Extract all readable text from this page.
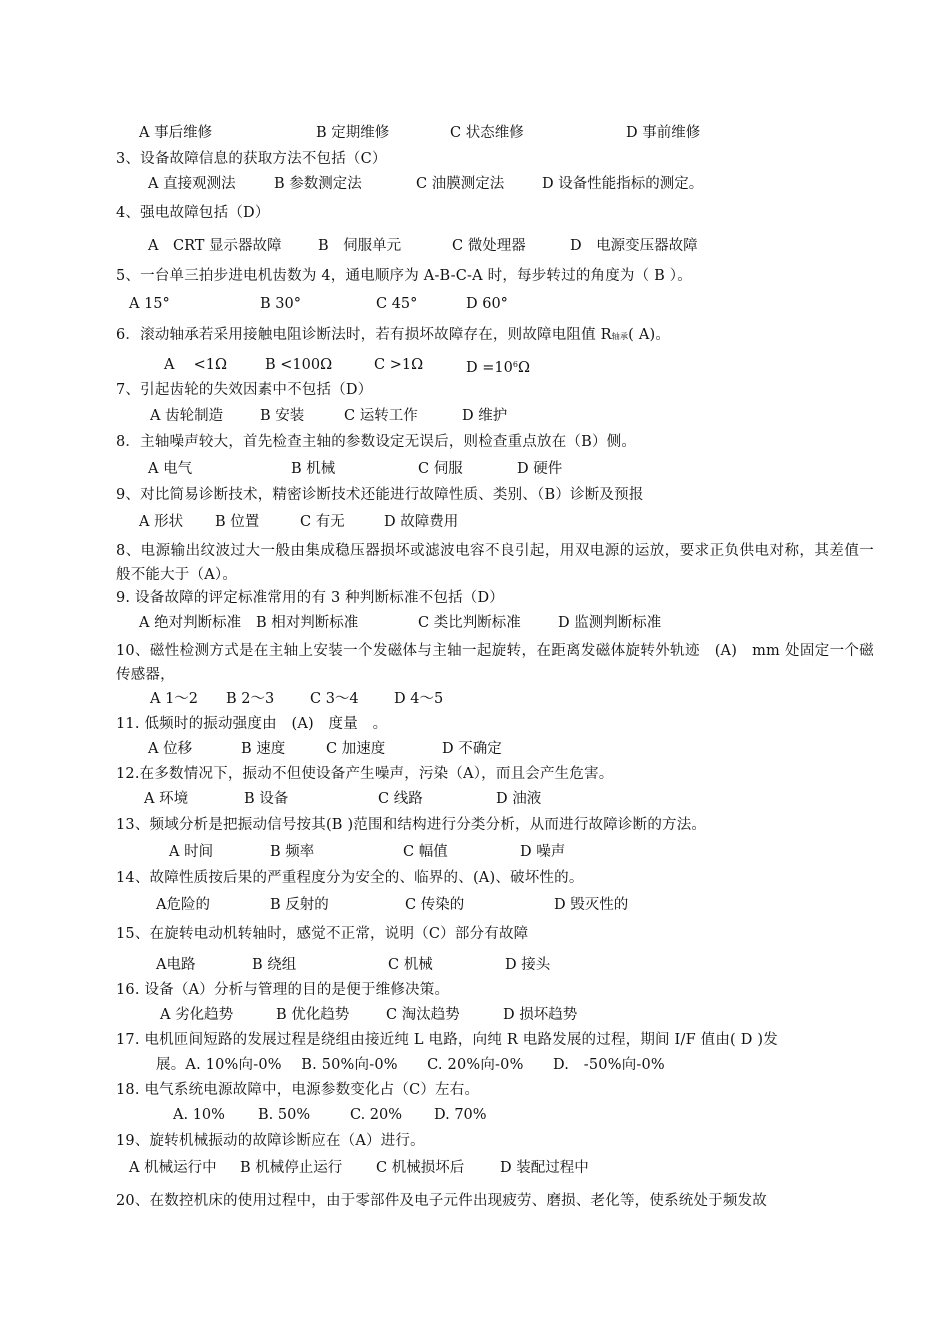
A 事后维修	B 定期维修	C 状态维修	D 事前维修
3、设备故障信息的获取方法不包括（C）
A 直接观测法	B 参数测定法	C 油膜测定法	D 设备性能指标的测定。
4、强电故障包括（D）
A　CRT 显示器故障	B　伺服单元	C 微处理器	D　电源变压器故障
5、一台单三拍步进电机齿数为 4，通电顺序为 A-B-C-A 时，每步转过的角度为（ B ）。
A 15°	B 30°	C 45°	D 60°
6．滚动轴承若采用接触电阻诊断法时，若有损坏故障存在，则故障电阻值 R轴承( A)。
A　 <1Ω	B <100Ω	C >1Ω	$D =10^6\Omega$
7、引起齿轮的失效因素中不包括（D）
A 齿轮制造	B 安装	C 运转工作	D 维护
8．主轴噪声较大，首先检查主轴的参数设定无误后，则检查重点放在（B）侧。
A 电气	B 机械	C 伺服	D 硬件
9、对比简易诊断技术，精密诊断技术还能进行故障性质、类别、（B）诊断及预报
A 形状 B 位置	C 有无	D 故障费用
8、电源输出纹波过大一般由集成稳压器损坏或滤波电容不良引起，用双电源的运放，要求正负供电对称，其差值一般不能大于（A）。
9. 设备故障的评定标准常用的有 3 种判断标准不包括（D）
A 绝对判断标准 B 相对判断标准	C 类比判断标准	D 监测判断标准
10、磁性检测方式是在主轴上安装一个发磁体与主轴一起旋转，在距离发磁体旋转外轨迹　(A)　mm 处固定一个磁传感器，
A 1～2 B 2～3 C 3～4 D 4～5
11. 低频时的振动强度由　(A)　度量　。
A 位移	B 速度	C 加速度	D 不确定
12.在多数情况下，振动不但使设备产生噪声，污染（A），而且会产生危害。
A 环境	B 设备	C 线路	D 油液
13、频域分析是把振动信号按其(B )范围和结构进行分类分析，从而进行故障诊断的方法。
A 时间	B 频率	C 幅值	D 噪声
14、故障性质按后果的严重程度分为安全的、临界的、(A)、破坏性的。
A危险的	B 反射的	C 传染的	D 毁灭性的
15、在旋转电动机转轴时，感觉不正常，说明（C）部分有故障
A电路	B 绕组	C 机械	D 接头
16. 设备（A）分析与管理的目的是便于维修决策。
A 劣化趋势	B 优化趋势	C 淘汰趋势	D 损坏趋势
17. 电机匝间短路的发展过程是绕组由接近纯 L 电路，向纯 R 电路发展的过程，期间 I/F 值由( D )发
展。A. 10%向-0%　 B. 50%向-0%　　C. 20%向-0%　　D.　-50%向-0%
18. 电气系统电源故障中，电源参数变化占（C）左右。
A. 10% B. 50%	C. 20% D. 70%
19、旋转机械振动的故障诊断应在（A）进行。
A 机械运行中 B 机械停止运行 C 机械损坏后 D 装配过程中
20、在数控机床的使用过程中，由于零部件及电子元件出现疲劳、磨损、老化等，使系统处于频发故
